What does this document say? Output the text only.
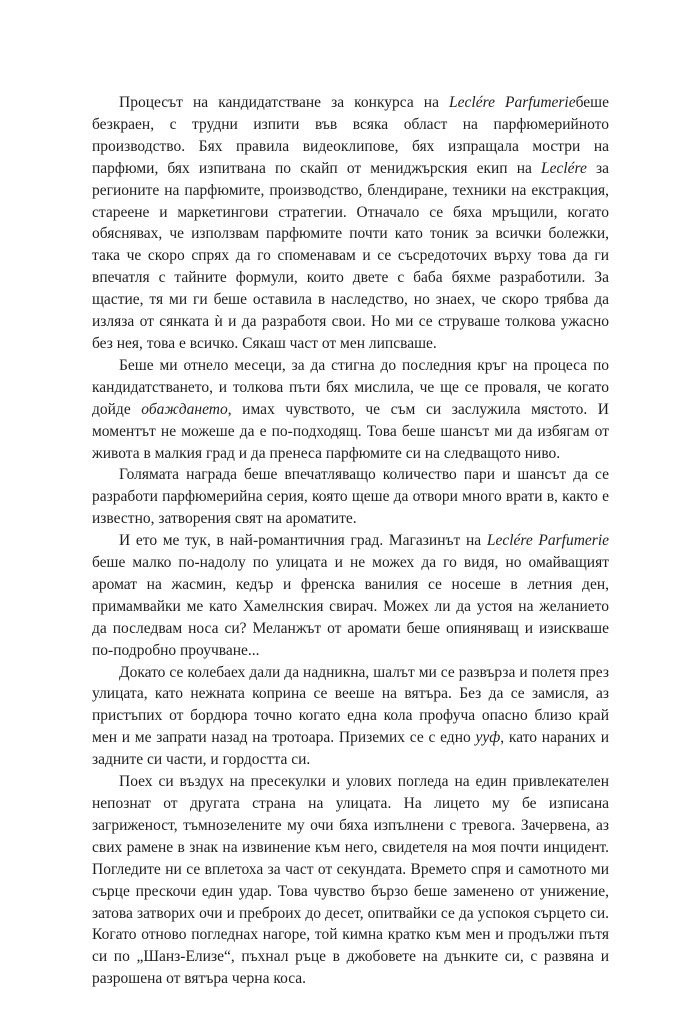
Процесът на кандидатстване за конкурса на Leclére Parfumerieбеше безкраен, с трудни изпити във всяка област на парфюмерийното производство. Бях правила видеоклипове, бях изпращала мостри на парфюми, бях изпитвана по скайп от мениджърския екип на Leclére за регионите на парфюмите, производство, блендиране, техники на екстракция, стареене и маркетингови стратегии. Отначало се бяха мръщили, когато обяснявах, че използвам парфюмите почти като тоник за всички болежки, така че скоро спрях да го споменавам и се съсредоточих върху това да ги впечатля с тайните формули, които двете с баба бяхме разработили. За щастие, тя ми ги беше оставила в наследство, но знаех, че скоро трябва да изляза от сянката ѝ и да разработя свои. Но ми се струваше толкова ужасно без нея, това е всичко. Сякаш част от мен липсваше.

Беше ми отнело месеци, за да стигна до последния кръг на процеса по кандидатстването, и толкова пъти бях мислила, че ще се проваля, че когато дойде обаждането, имах чувството, че съм си заслужила мястото. И моментът не можеше да е по-подходящ. Това беше шансът ми да избягам от живота в малкия град и да пренеса парфюмите си на следващото ниво.

Голямата награда беше впечатляващо количество пари и шансът да се разработи парфюмерийна серия, която щеше да отвори много врати в, както е известно, затворения свят на ароматите.

И ето ме тук, в най-романтичния град. Магазинът на Leclére Parfumerie беше малко по-надолу по улицата и не можех да го видя, но омайващият аромат на жасмин, кедър и френска ванилия се носеше в летния ден, примамвайки ме като Хамелнския свирач. Можех ли да устоя на желанието да последвам носа си? Меланжът от аромати беше опияняващ и изискваше по-подробно проучване...

Докато се колебаех дали да надникна, шалът ми се развърза и полетя през улицата, като нежната коприна се вееше на вятъра. Без да се замисля, аз пристъпих от бордюра точно когато една кола профуча опасно близо край мен и ме запрати назад на тротоара. Приземих се с едно ууф, като нараних и задните си части, и гордостта си.

Поех си въздух на пресекулки и улових погледа на един привлекателен непознат от другата страна на улицата. На лицето му бе изписана загриженост, тъмнозелените му очи бяха изпълнени с тревога. Зачервена, аз свих рамене в знак на извинение към него, свидетеля на моя почти инцидент. Погледите ни се вплетоха за част от секундата. Времето спря и самотното ми сърце прескочи един удар. Това чувство бързо беше заменено от унижение, затова затворих очи и преброих до десет, опитвайки се да успокоя сърцето си. Когато отново погледнах нагоре, той кимна кратко към мен и продължи пътя си по „Шанз-Елизе“, пъхнал ръце в джобовете на дънките си, с развяна и разрошена от вятъра черна коса.
